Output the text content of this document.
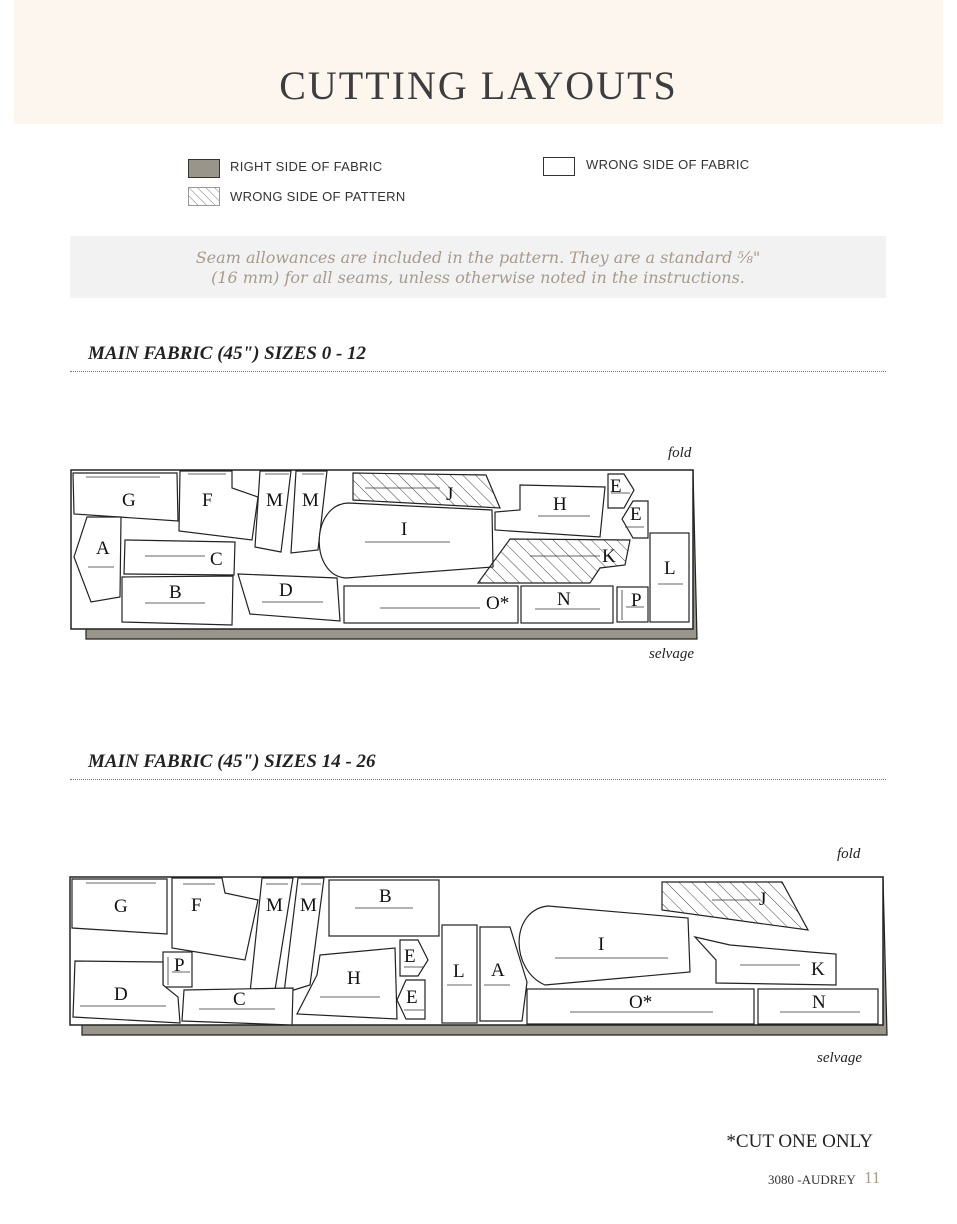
CUTTING LAYOUTS
RIGHT SIDE OF FABRIC	WRONG SIDE OF FABRIC
WRONG SIDE OF PATTERN
Seam allowances are included in the pattern. They are a standard ⅝"
(16 mm) for all seams, unless otherwise noted in the instructions.
MAIN FABRIC (45") SIZES 0 - 12
fold
selvage
G	F	M M	J	E
H	E
A
C
I
K
L
B	D
O*	N	P
MAIN FABRIC (45") SIZES 14 - 26
fold
selvage
G	F	M M	B	J
I
P	E
L A	K
D	C
H
E	O*	N
*CUT ONE ONLY
3080 -AUDREY 11
